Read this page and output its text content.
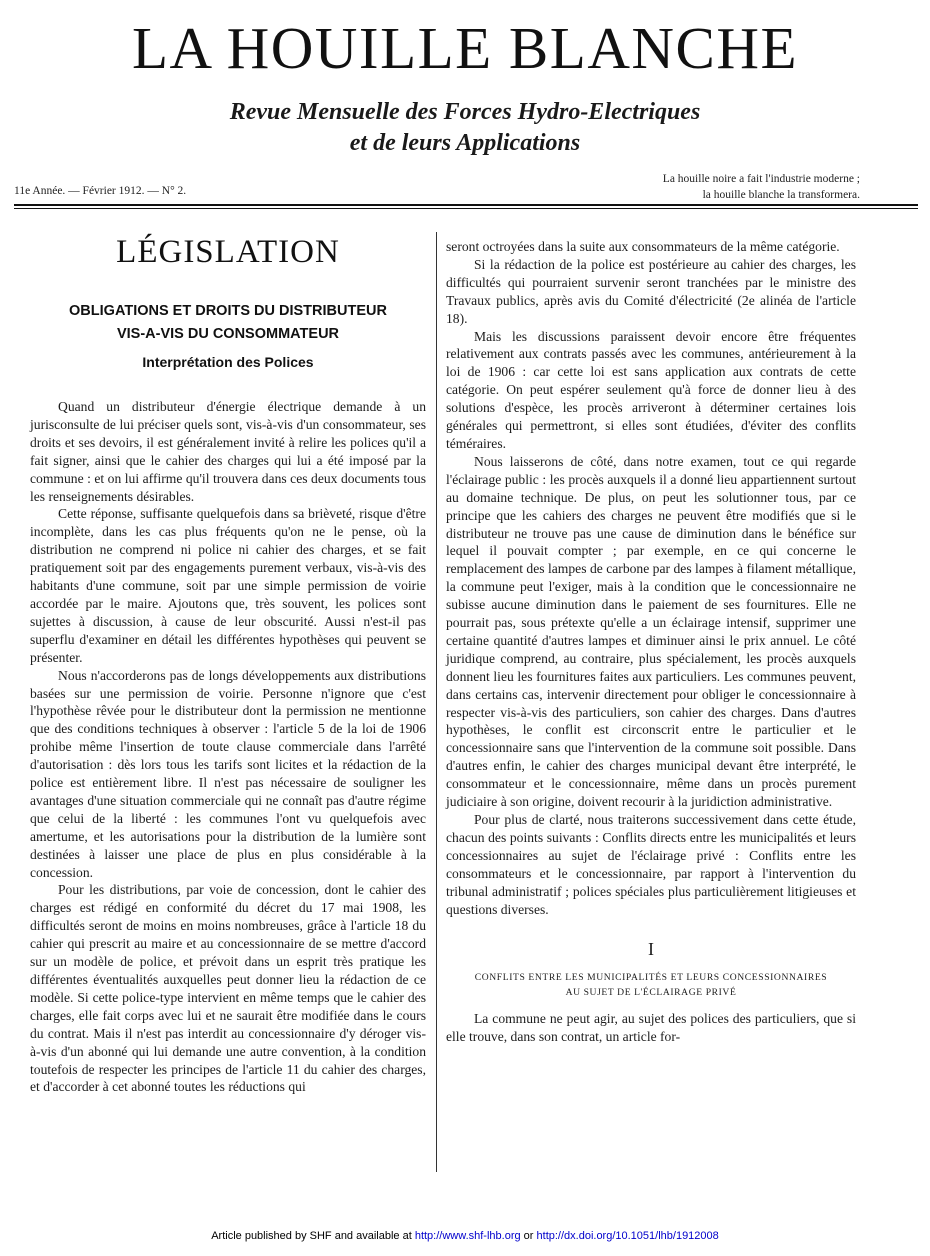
LA HOUILLE BLANCHE
Revue Mensuelle des Forces Hydro-Electriques
et de leurs Applications
11e Année. — Février 1912. — N° 2.
La houille noire a fait l'industrie moderne ;
la houille blanche la transformera.
LÉGISLATION
OBLIGATIONS ET DROITS DU DISTRIBUTEUR
VIS-A-VIS DU CONSOMMATEUR
Interprétation des Polices

Quand un distributeur d'énergie électrique demande à un jurisconsulte de lui préciser quels sont, vis-à-vis d'un consommateur, ses droits et ses devoirs, il est généralement invité à relire les polices qu'il a fait signer, ainsi que le cahier des charges qui lui a été imposé par la commune : et on lui affirme qu'il trouvera dans ces deux documents tous les renseignements désirables.

Cette réponse, suffisante quelquefois dans sa brièveté, risque d'être incomplète, dans les cas plus fréquents qu'on ne le pense, où la distribution ne comprend ni police ni cahier des charges, et se fait pratiquement soit par des engagements purement verbaux, vis-à-vis des habitants d'une commune, soit par une simple permission de voirie accordée par le maire. Ajoutons que, très souvent, les polices sont sujettes à discussion, à cause de leur obscurité. Aussi n'est-il pas superflu d'examiner en détail les différentes hypothèses qui peuvent se présenter.

Nous n'accorderons pas de longs développements aux distributions basées sur une permission de voirie. Personne n'ignore que c'est l'hypothèse rêvée pour le distributeur dont la permission ne mentionne que des conditions techniques à observer : l'article 5 de la loi de 1906 prohibe même l'insertion de toute clause commerciale dans l'arrêté d'autorisation : dès lors tous les tarifs sont licites et la rédaction de la police est entièrement libre. Il n'est pas nécessaire de souligner les avantages d'une situation commerciale qui ne connaît pas d'autre régime que celui de la liberté : les communes l'ont vu quelquefois avec amertume, et les autorisations pour la distribution de la lumière sont destinées à laisser une place de plus en plus considérable à la concession.

Pour les distributions, par voie de concession, dont le cahier des charges est rédigé en conformité du décret du 17 mai 1908, les difficultés seront de moins en moins nombreuses, grâce à l'article 18 du cahier qui prescrit au maire et au concessionnaire de se mettre d'accord sur un modèle de police, et prévoit dans un esprit très pratique les différentes éventualités auxquelles peut donner lieu la rédaction de ce modèle. Si cette police-type intervient en même temps que le cahier des charges, elle fait corps avec lui et ne saurait être modifiée dans le cours du contrat. Mais il n'est pas interdit au concessionnaire d'y déroger vis-à-vis d'un abonné qui lui demande une autre convention, à la condition toutefois de respecter les principes de l'article 11 du cahier des charges, et d'accorder à cet abonné toutes les réductions qui

seront octroyées dans la suite aux consommateurs de la même catégorie.

Si la rédaction de la police est postérieure au cahier des charges, les difficultés qui pourraient survenir seront tranchées par le ministre des Travaux publics, après avis du Comité d'électricité (2e alinéa de l'article 18).

Mais les discussions paraissent devoir encore être fréquentes relativement aux contrats passés avec les communes, antérieurement à la loi de 1906 : car cette loi est sans application aux contrats de cette catégorie. On peut espérer seulement qu'à force de donner lieu à des solutions d'espèce, les procès arriveront à déterminer certaines lois générales qui permettront, si elles sont étudiées, d'éviter des conflits téméraires.

Nous laisserons de côté, dans notre examen, tout ce qui regarde l'éclairage public : les procès auxquels il a donné lieu appartiennent surtout au domaine technique. De plus, on peut les solutionner tous, par ce principe que les cahiers des charges ne peuvent être modifiés que si le distributeur ne trouve pas une cause de diminution dans le bénéfice sur lequel il pouvait compter ; par exemple, en ce qui concerne le remplacement des lampes de carbone par des lampes à filament métallique, la commune peut l'exiger, mais à la condition que le concessionnaire ne subisse aucune diminution dans le paiement de ses fournitures. Elle ne pourrait pas, sous prétexte qu'elle a un éclairage intensif, supprimer une certaine quantité d'autres lampes et diminuer ainsi le prix annuel. Le côté juridique comprend, au contraire, plus spécialement, les procès auxquels donnent lieu les fournitures faites aux particuliers. Les communes peuvent, dans certains cas, intervenir directement pour obliger le concessionnaire à respecter vis-à-vis des particuliers, son cahier des charges. Dans d'autres hypothèses, le conflit est circonscrit entre le particulier et le concessionnaire sans que l'intervention de la commune soit possible. Dans d'autres enfin, le cahier des charges municipal devant être interprété, le consommateur et le concessionnaire, même dans un procès purement judiciaire à son origine, doivent recourir à la juridiction administrative.

Pour plus de clarté, nous traiterons successivement dans cette étude, chacun des points suivants : Conflits directs entre les municipalités et leurs concessionnaires au sujet de l'éclairage privé : Conflits entre les consommateurs et le concessionnaire, par rapport à l'intervention du tribunal administratif ; polices spéciales plus particulièrement litigieuses et questions diverses.

I
CONFLITS ENTRE LES MUNICIPALITÉS ET LEURS CONCESSIONNAIRES
AU SUJET DE L'ÉCLAIRAGE PRIVÉ

La commune ne peut agir, au sujet des polices des particuliers, que si elle trouve, dans son contrat, un article for-

Article published by SHF and available at http://www.shf-lhb.org or http://dx.doi.org/10.1051/lhb/1912008
